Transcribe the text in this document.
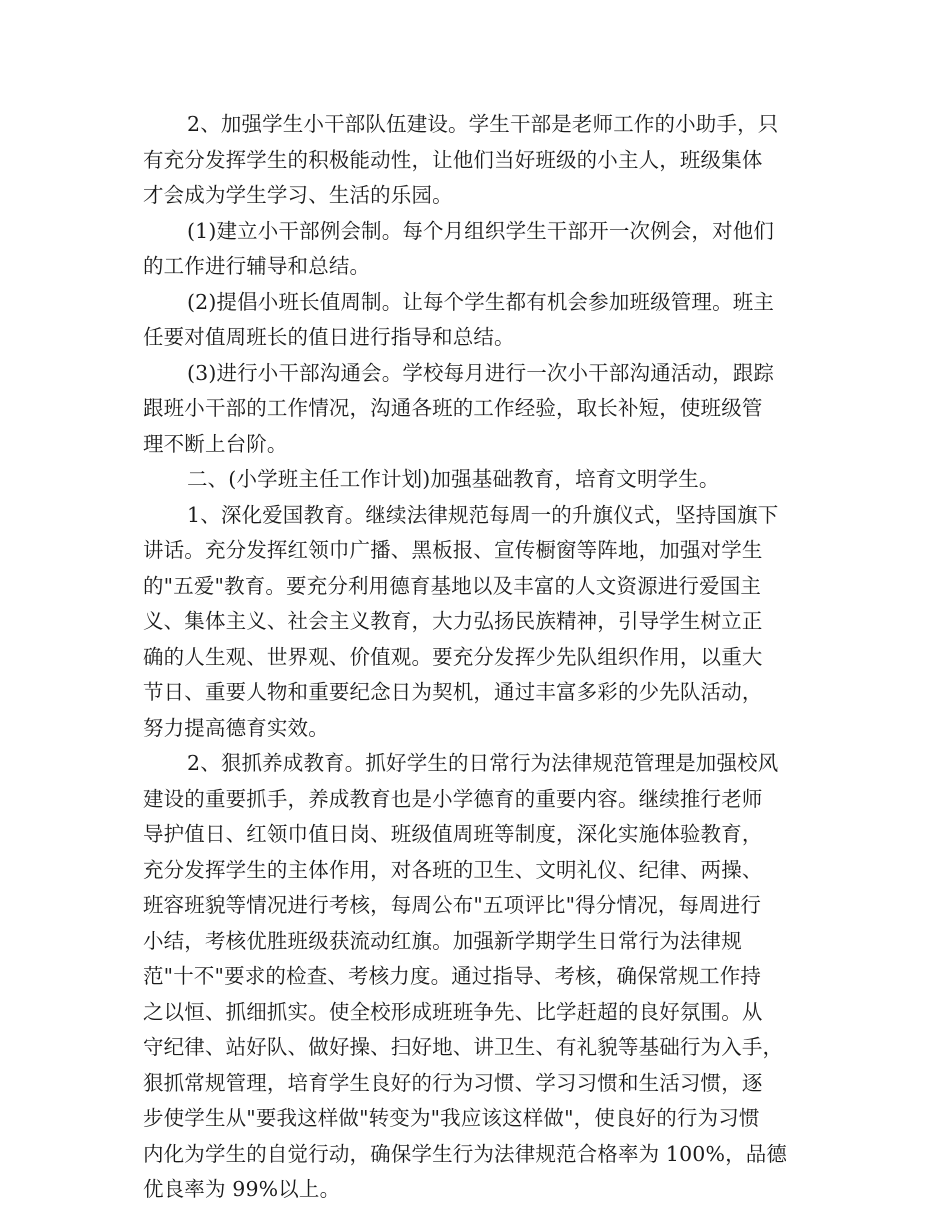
2、加强学生小干部队伍建设。学生干部是老师工作的小助手，只
有充分发挥学生的积极能动性，让他们当好班级的小主人，班级集体
才会成为学生学习、生活的乐园。
(1)建立小干部例会制。每个月组织学生干部开一次例会，对他们
的工作进行辅导和总结。
(2)提倡小班长值周制。让每个学生都有机会参加班级管理。班主
任要对值周班长的值日进行指导和总结。
(3)进行小干部沟通会。学校每月进行一次小干部沟通活动，跟踪
跟班小干部的工作情况，沟通各班的工作经验，取长补短，使班级管
理不断上台阶。
二、(小学班主任工作计划)加强基础教育，培育文明学生。
1、深化爱国教育。继续法律规范每周一的升旗仪式，坚持国旗下
讲话。充分发挥红领巾广播、黑板报、宣传橱窗等阵地，加强对学生
的"五爱"教育。要充分利用德育基地以及丰富的人文资源进行爱国主
义、集体主义、社会主义教育，大力弘扬民族精神，引导学生树立正
确的人生观、世界观、价值观。要充分发挥少先队组织作用，以重大
节日、重要人物和重要纪念日为契机，通过丰富多彩的少先队活动，
努力提高德育实效。
2、狠抓养成教育。抓好学生的日常行为法律规范管理是加强校风
建设的重要抓手，养成教育也是小学德育的重要内容。继续推行老师
导护值日、红领巾值日岗、班级值周班等制度，深化实施体验教育，
充分发挥学生的主体作用，对各班的卫生、文明礼仪、纪律、两操、
班容班貌等情况进行考核，每周公布"五项评比"得分情况，每周进行
小结，考核优胜班级获流动红旗。加强新学期学生日常行为法律规
范"十不"要求的检查、考核力度。通过指导、考核，确保常规工作持
之以恒、抓细抓实。使全校形成班班争先、比学赶超的良好氛围。从
守纪律、站好队、做好操、扫好地、讲卫生、有礼貌等基础行为入手，
狠抓常规管理，培育学生良好的行为习惯、学习习惯和生活习惯，逐
步使学生从"要我这样做"转变为"我应该这样做"，使良好的行为习惯
内化为学生的自觉行动，确保学生行为法律规范合格率为 100%，品德
优良率为 99%以上。
